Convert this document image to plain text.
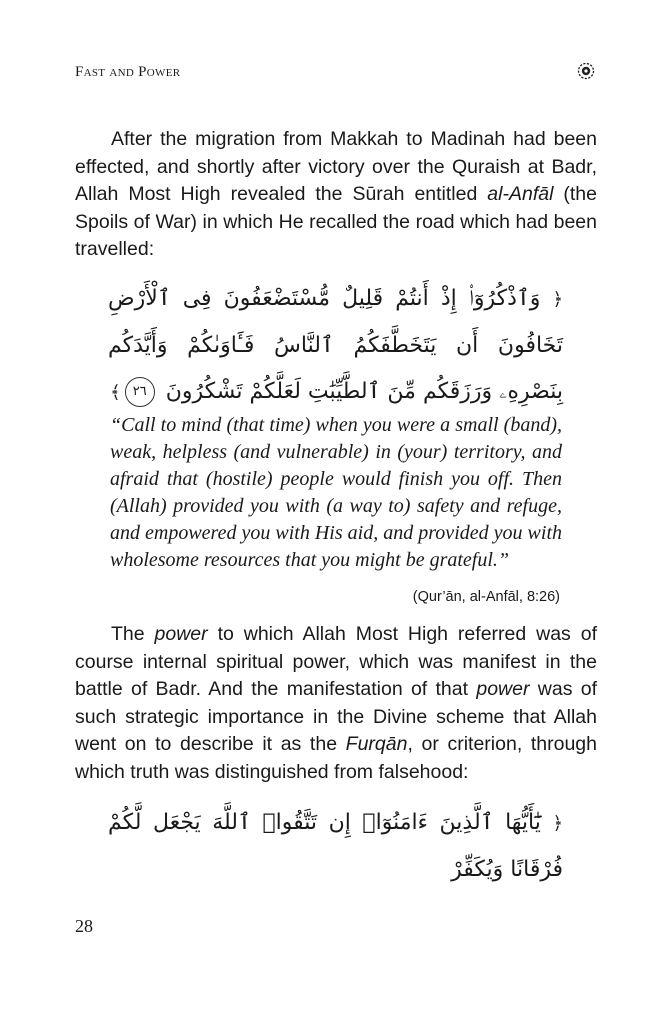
Fast and Power

After the migration from Makkah to Madinah had been effected, and shortly after victory over the Quraish at Badr, Allah Most High revealed the Sūrah entitled al-Anfāl (the Spoils of War) in which He recalled the road which had been travelled:

﴿ وَٱذْكُرُوٓا۟ إِذْ أَنتُمْ قَلِيلٌ مُّسْتَضْعَفُونَ فِى ٱلْأَرْضِ تَخَافُونَ أَن يَتَخَطَّفَكُمُ ٱلنَّاسُ فَـَٔاوَىٰكُمْ وَأَيَّدَكُم بِنَصْرِهِۦ وَرَزَقَكُم مِّنَ ٱلطَّيِّبَٰتِ لَعَلَّكُمْ تَشْكُرُونَ ٢٦﴾

“Call to mind (that time) when you were a small (band), weak, helpless (and vulnerable) in (your) territory, and afraid that (hostile) people would finish you off. Then (Allah) provided you with (a way to) safety and refuge, and empowered you with His aid, and provided you with wholesome resources that you might be grateful.”

(Qur’ān, al-Anfāl, 8:26)

The power to which Allah Most High referred was of course internal spiritual power, which was manifest in the battle of Badr. And the manifestation of that power was of such strategic importance in the Divine scheme that Allah went on to describe it as the Furqān, or criterion, through which truth was distinguished from falsehood:

﴿ يَٰٓأَيُّهَا ٱلَّذِينَ ءَامَنُوٓا۟ إِن تَتَّقُوا۟ ٱللَّهَ يَجْعَل لَّكُمْ فُرْقَانًا وَيُكَفِّرْ

28
